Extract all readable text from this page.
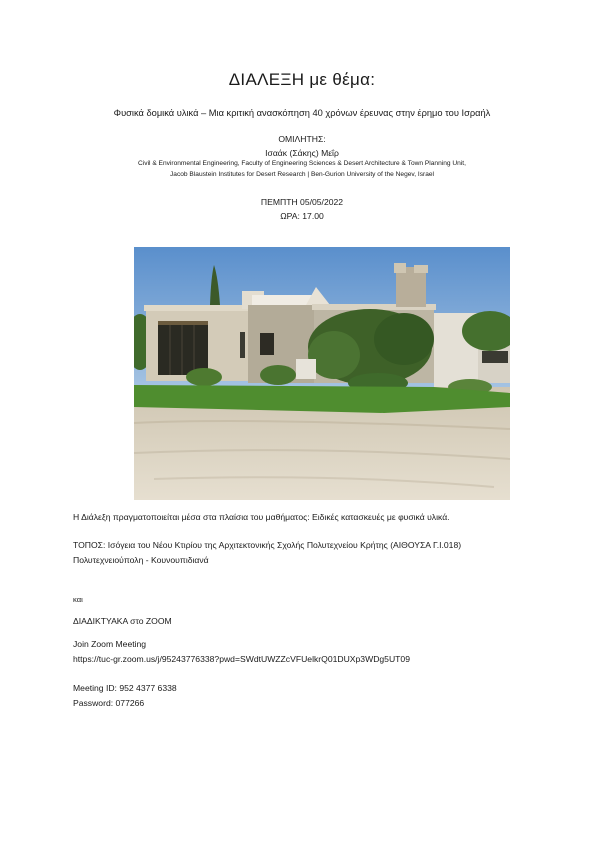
ΔΙΑΛΕΞΗ με θέμα:
Φυσικά δομικά υλικά – Μια κριτική ανασκόπηση 40 χρόνων έρευνας στην έρημο του Ισραήλ
ΟΜΙΛΗΤΗΣ:
Ισαάκ (Σάκης) Μεΐρ
Civil & Environmental Engineering, Faculty of Engineering Sciences & Desert Architecture & Town Planning Unit,
Jacob Blaustein Institutes for Desert Research | Ben-Gurion University of the Negev, Israel
ΠΕΜΠΤΗ 05/05/2022
ΩΡΑ: 17.00
Η Διάλεξη πραγματοποιείται μέσα στα πλαίσια του μαθήματος: Ειδικές κατασκευές με φυσικά υλικά.
ΤΟΠΟΣ: Ισόγεια του Νέου Κτιρίου της Αρχιτεκτονικής Σχολής Πολυτεχνείου Κρήτης (ΑΙΘΟΥΣΑ Γ.Ι.018)
Πολυτεχνειούπολη - Κουνουπιδιανά
και
ΔΙΑΔΙΚΤΥΑΚΑ στο ZOOM
Join Zoom Meeting
https://tuc-gr.zoom.us/j/95243776338?pwd=SWdtUWZZcVFUelkrQ01DUXp3WDg5UT09
Meeting ID: 952 4377 6338
Password: 077266
